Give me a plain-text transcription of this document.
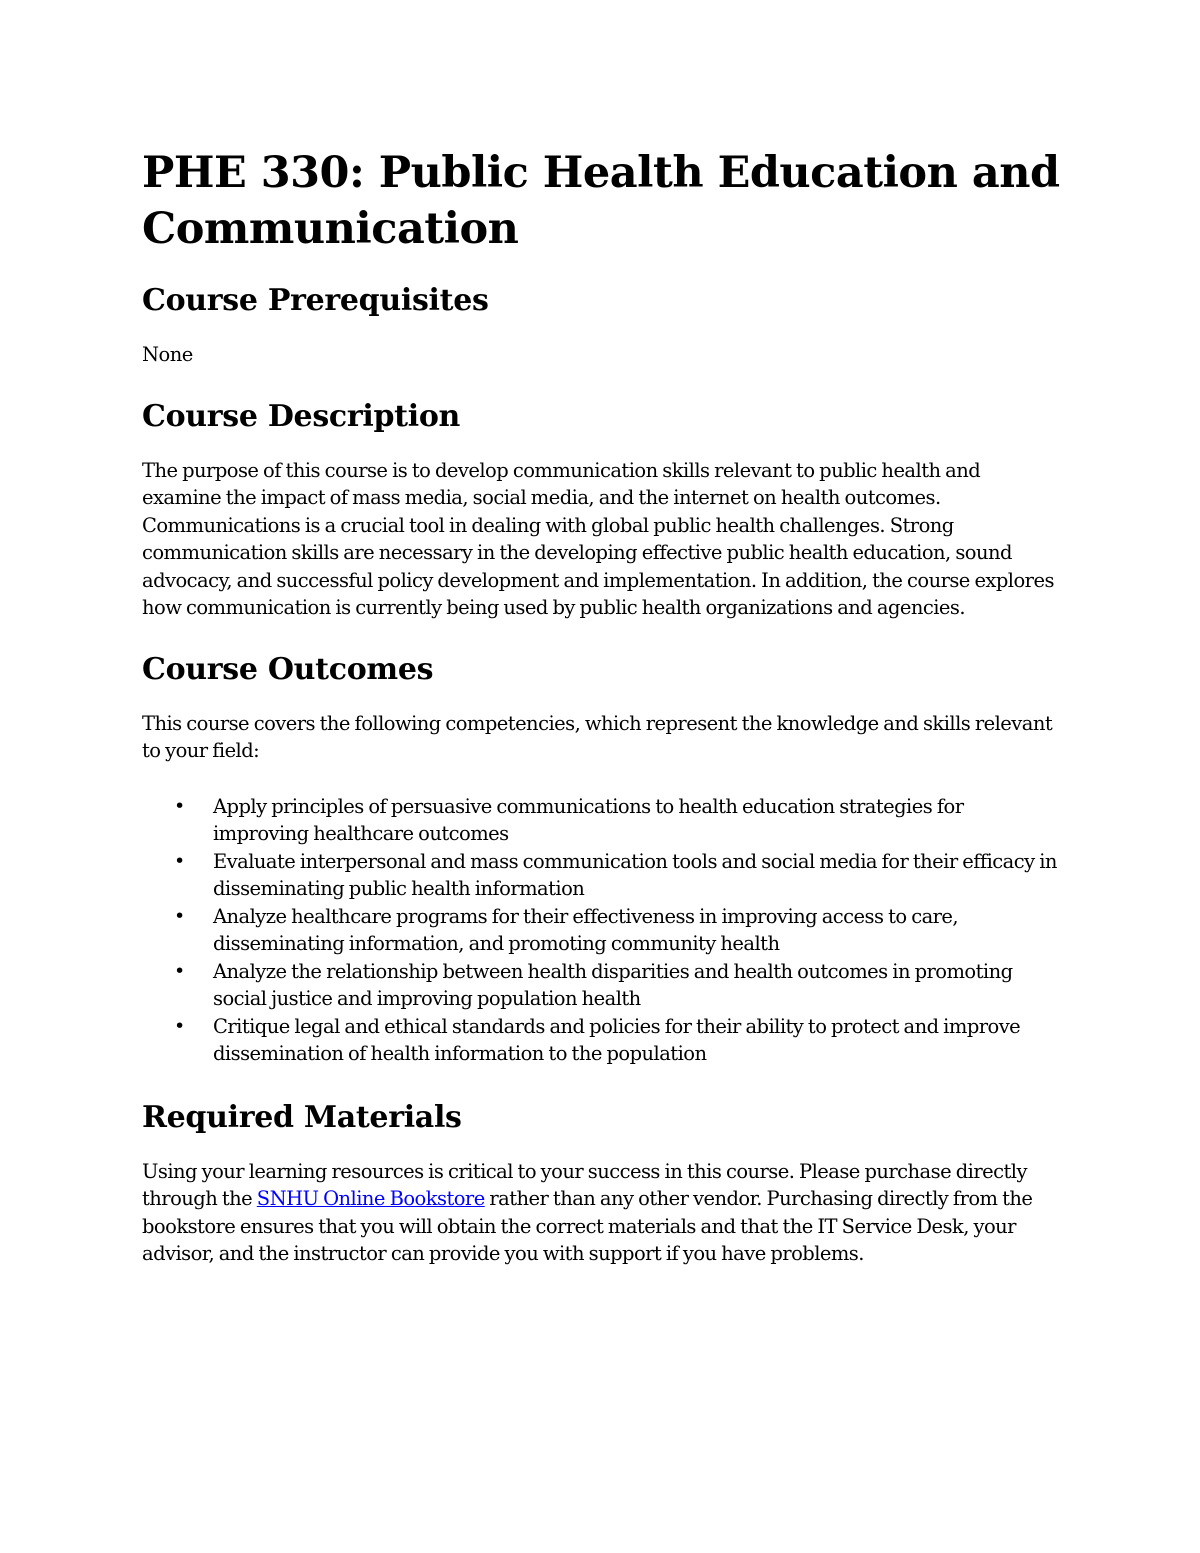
PHE 330: Public Health Education and Communication
Course Prerequisites

None

Course Description

The purpose of this course is to develop communication skills relevant to public health and examine the impact of mass media, social media, and the internet on health outcomes. Communications is a crucial tool in dealing with global public health challenges. Strong communication skills are necessary in the developing effective public health education, sound advocacy, and successful policy development and implementation. In addition, the course explores how communication is currently being used by public health organizations and agencies.

Course Outcomes

This course covers the following competencies, which represent the knowledge and skills relevant to your field:

• Apply principles of persuasive communications to health education strategies for improving healthcare outcomes
• Evaluate interpersonal and mass communication tools and social media for their efficacy in disseminating public health information
• Analyze healthcare programs for their effectiveness in improving access to care, disseminating information, and promoting community health
• Analyze the relationship between health disparities and health outcomes in promoting social justice and improving population health
• Critique legal and ethical standards and policies for their ability to protect and improve dissemination of health information to the population
Required Materials

Using your learning resources is critical to your success in this course. Please purchase directly through the SNHU Online Bookstore rather than any other vendor. Purchasing directly from the bookstore ensures that you will obtain the correct materials and that the IT Service Desk, your advisor, and the instructor can provide you with support if you have problems.
